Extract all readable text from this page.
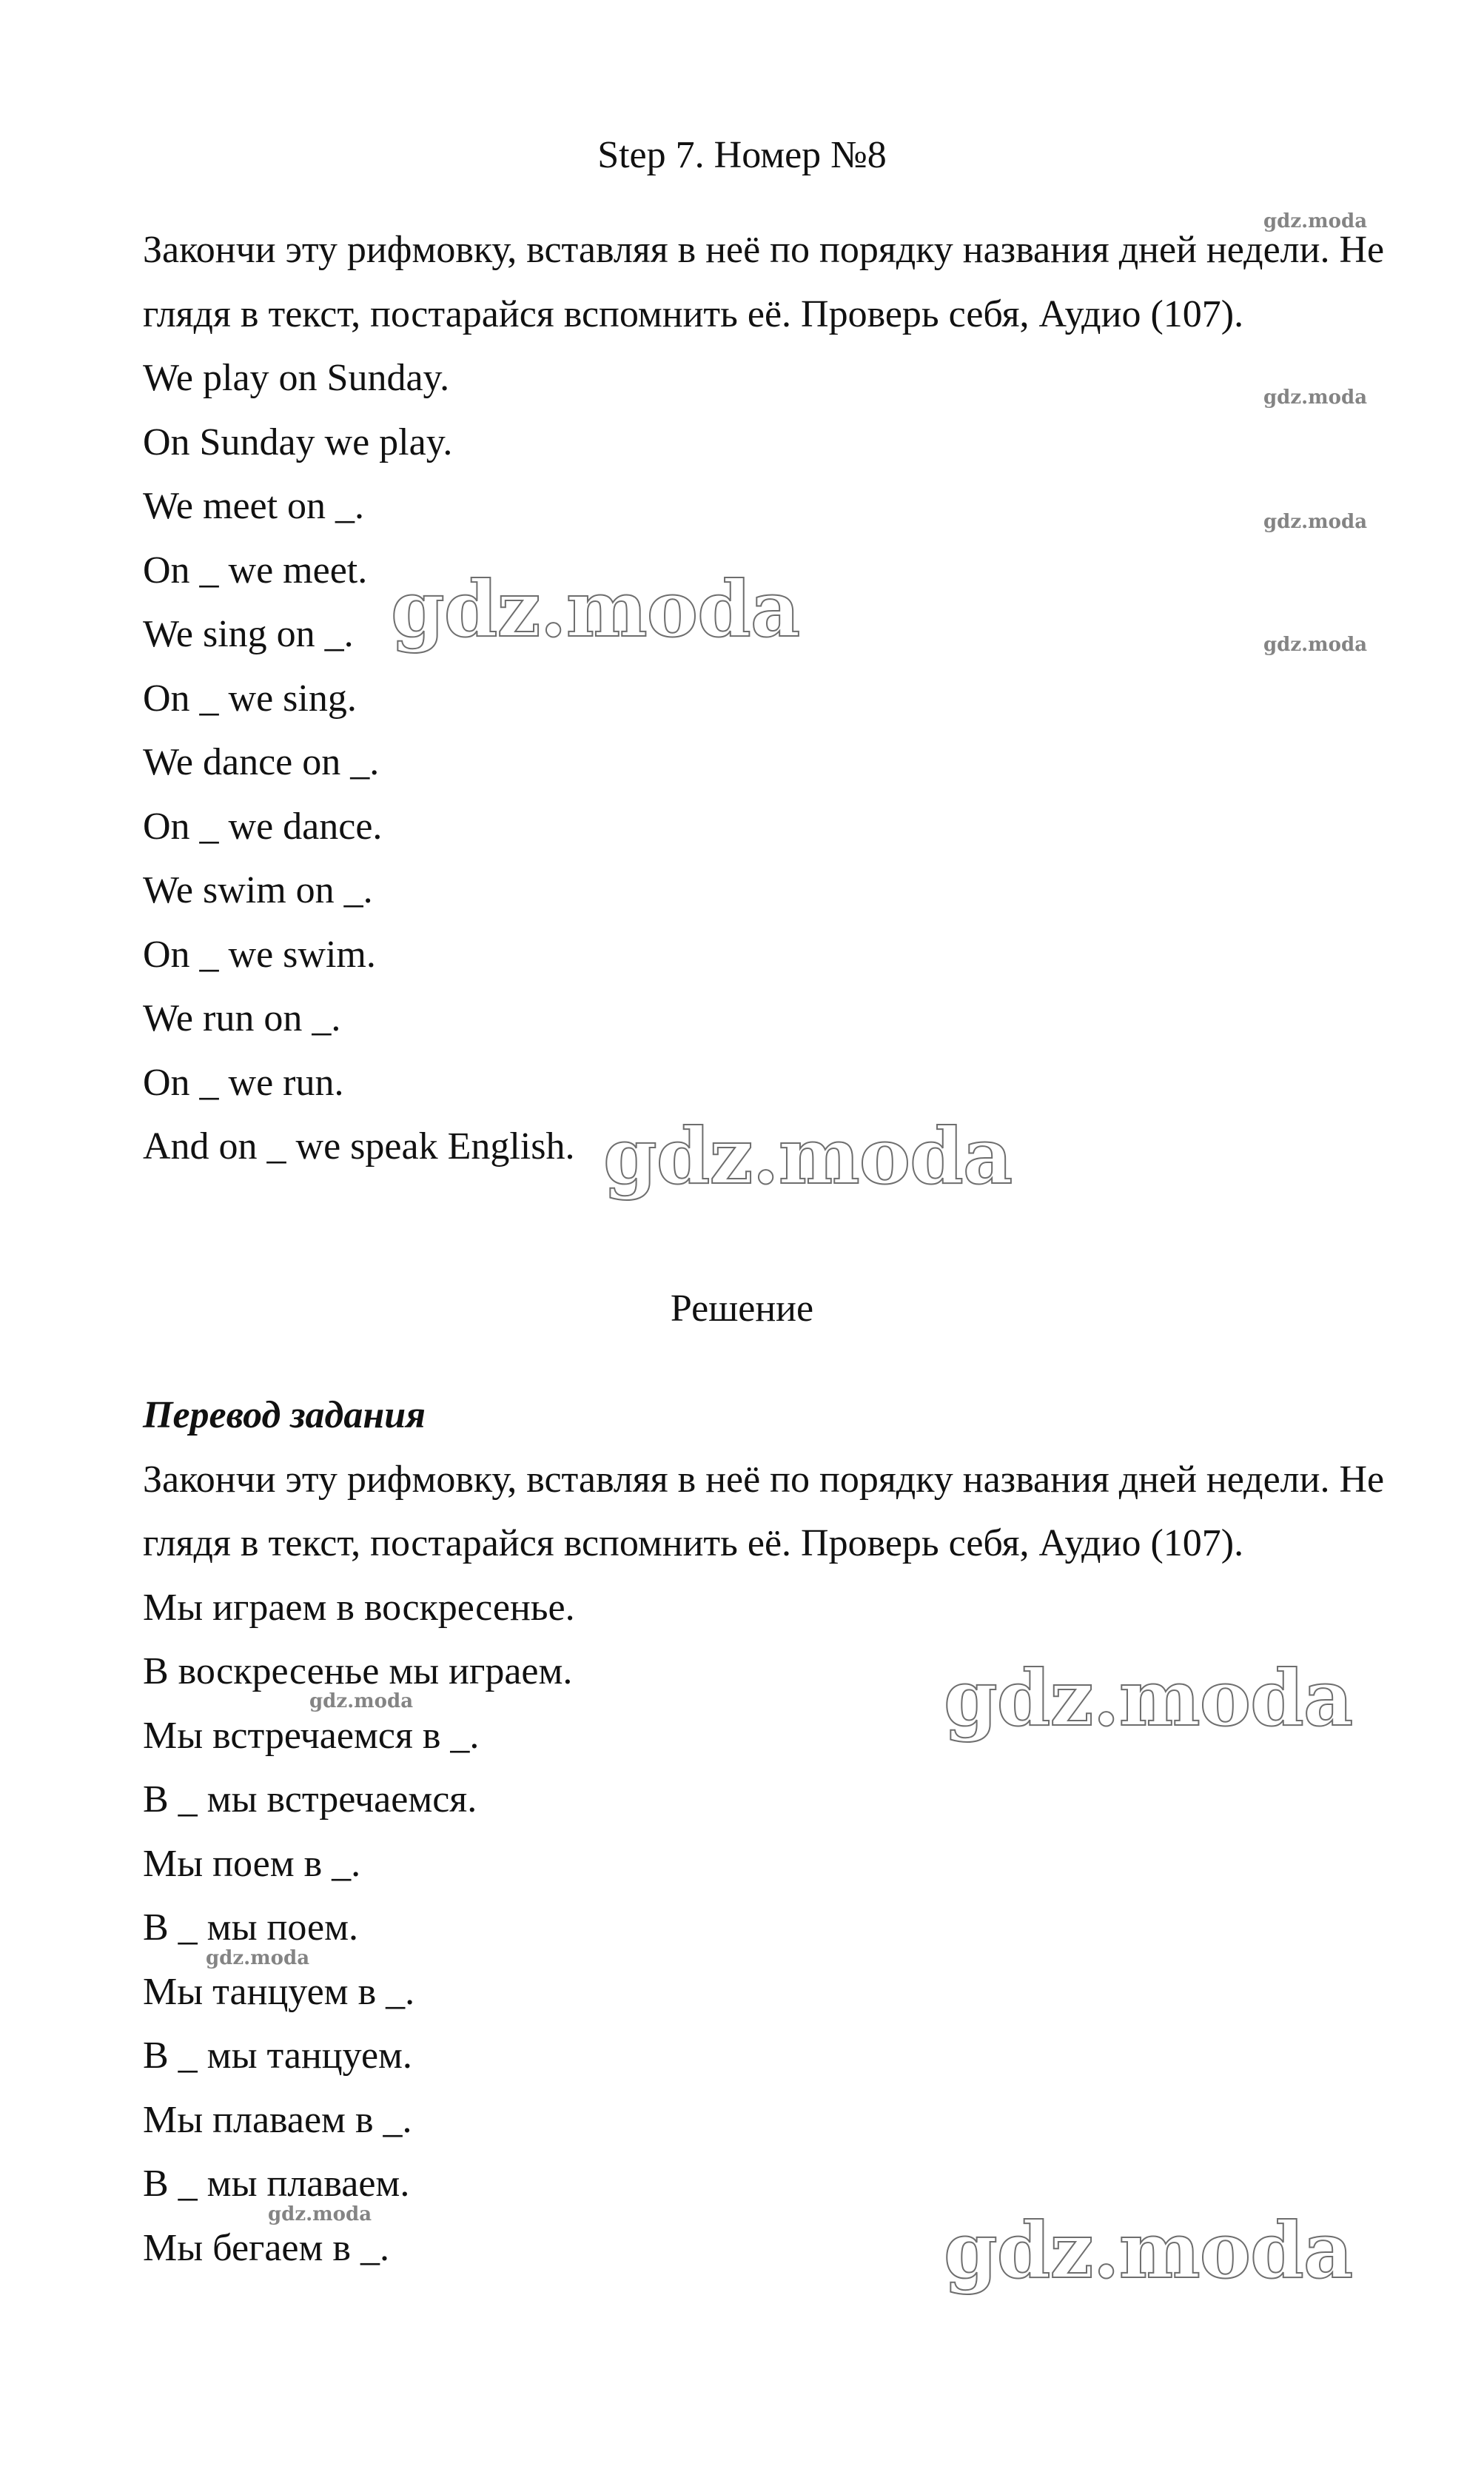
Step 7. Номер №8
Закончи эту рифмовку, вставляя в неё по порядку названия дней недели. Не глядя в текст, постарайся вспомнить её. Проверь себя, Аудио (107).
We play on Sunday.
On Sunday we play.
We meet on _.
On _ we meet.
We sing on _.
On _ we sing.
We dance on _.
On _ we dance.
We swim on _.
On _ we swim.
We run on _.
On _ we run.
And on _ we speak English.
Решение
Перевод задания
Закончи эту рифмовку, вставляя в неё по порядку названия дней недели. Не глядя в текст, постарайся вспомнить её. Проверь себя, Аудио (107).
Мы играем в воскресенье.
В воскресенье мы играем.
Мы встречаемся в _.
В _ мы встречаемся.
Мы поем в _.
В _ мы поем.
Мы танцуем в _.
В _ мы танцуем.
Мы плаваем в _.
В _ мы плаваем.
Мы бегаем в _.
gdz.moda
gdz.moda
gdz.moda
gdz.moda
gdz.moda
gdz.moda
gdz.moda
gdz.moda
gdz.moda
gdz.moda	gdz.moda
